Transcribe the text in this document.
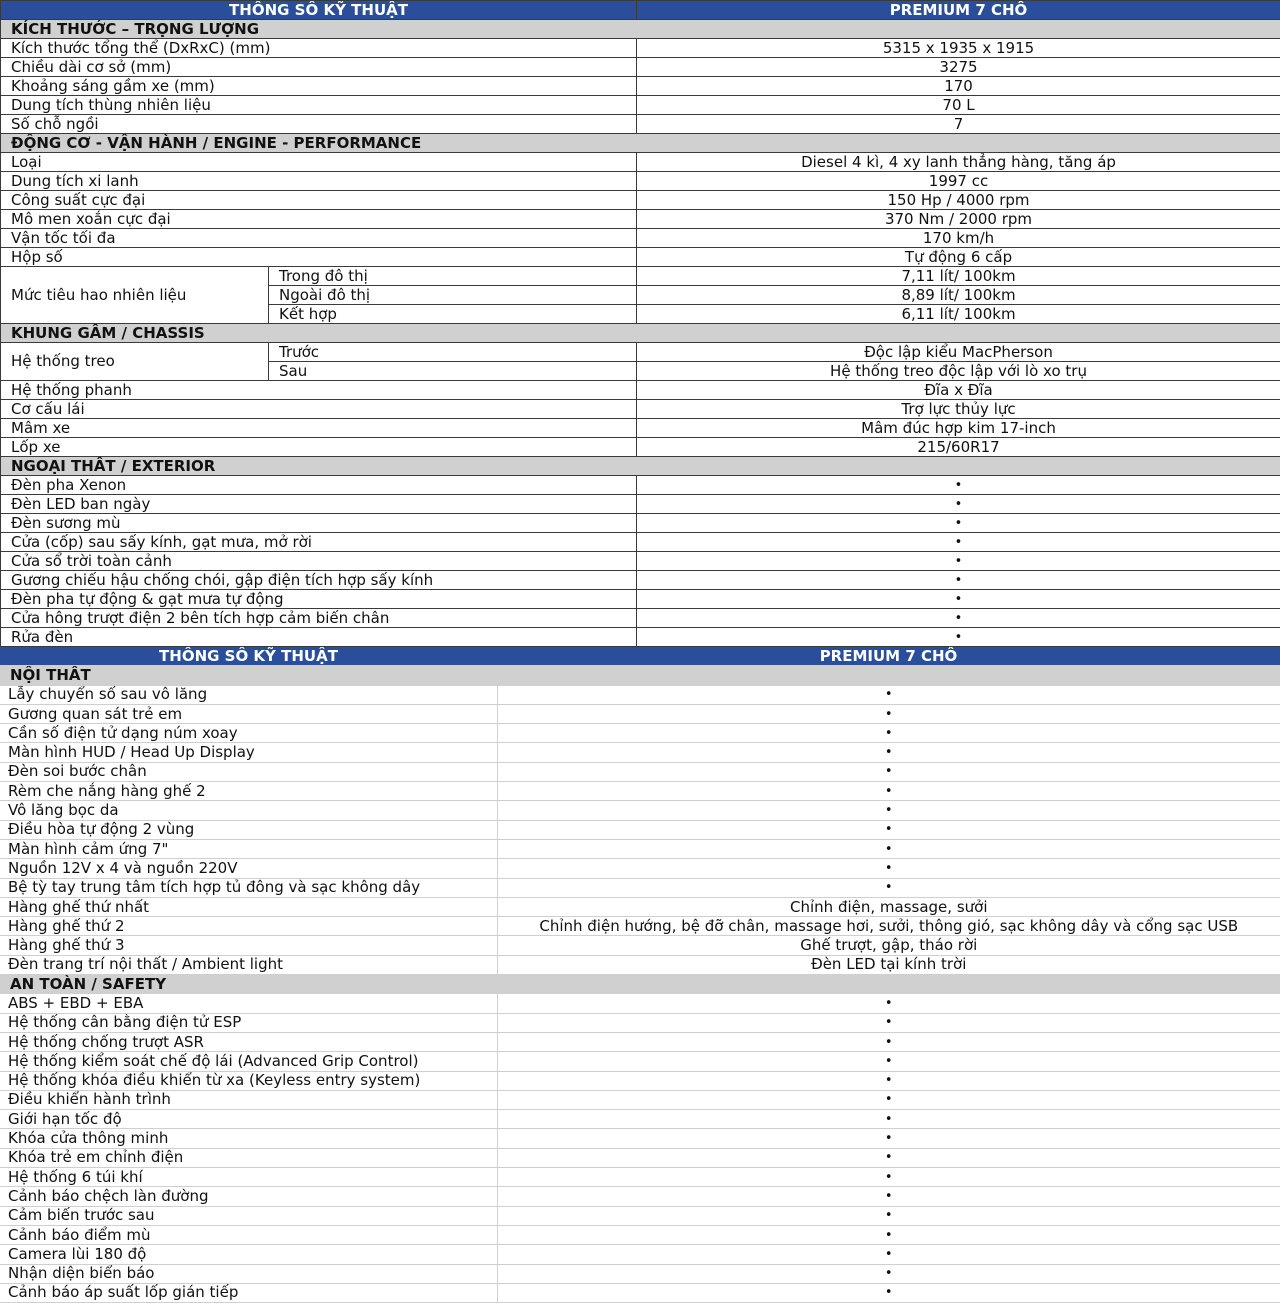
THÔNG SỐ KỸ THUẬT		PREMIUM 7 CHỖ
KÍCH THƯỚC – TRỌNG LƯỢNG		
Kích thước tổng thể (DxRxC) (mm)		5315 x 1935 x 1915
Chiều dài cơ sở (mm)		3275
Khoảng sáng gầm xe (mm)		170
Dung tích thùng nhiên liệu		70 L
Số chỗ ngồi		7
ĐỘNG CƠ - VẬN HÀNH / ENGINE - PERFORMANCE		
Loại		Diesel 4 kì, 4 xy lanh thẳng hàng, tăng áp
Dung tích xi lanh		1997 cc
Công suất cực đại		150 Hp / 4000 rpm
Mô men xoắn cực đại		370 Nm / 2000 rpm
Vận tốc tối đa		170 km/h
Hộp số		Tự động 6 cấp
Mức tiêu hao nhiên liệu	Trong đô thị	7,11 lít/ 100km
	Ngoài đô thị	8,89 lít/ 100km
	Kết hợp	6,11 lít/ 100km
KHUNG GẦM / CHASSIS		
Hệ thống treo	Trước	Độc lập kiểu MacPherson
	Sau	Hệ thống treo độc lập với lò xo trụ
Hệ thống phanh		Đĩa x Đĩa
Cơ cấu lái		Trợ lực thủy lực
Mâm xe		Mâm đúc hợp kim 17-inch
Lốp xe		215/60R17
NGOẠI THẤT / EXTERIOR		
Đèn pha Xenon		•
Đèn LED ban ngày		•
Đèn sương mù		•
Cửa (cốp) sau sấy kính, gạt mưa, mở rời		•
Cửa sổ trời toàn cảnh		•
Gương chiếu hậu chống chói, gập điện tích hợp sấy kính		•
Đèn pha tự động & gạt mưa tự động		•
Cửa hông trượt điện 2 bên tích hợp cảm biến chân		•
Rửa đèn		•
THÔNG SỐ KỸ THUẬT	PREMIUM 7 CHỖ
NỘI THẤT	
Lẫy chuyển số sau vô lăng	•
Gương quan sát trẻ em	•
Cần số điện tử dạng núm xoay	•
Màn hình HUD / Head Up Display	•
Đèn soi bước chân	•
Rèm che nắng hàng ghế 2	•
Vô lăng bọc da	•
Điều hòa tự động 2 vùng	•
Màn hình cảm ứng 7"	•
Nguồn 12V x 4 và nguồn 220V	•
Bệ tỳ tay trung tâm tích hợp tủ đông và sạc không dây	•
Hàng ghế thứ nhất	Chỉnh điện, massage, sưởi
Hàng ghế thứ 2	Chỉnh điện hướng, bệ đỡ chân, massage hơi, sưởi, thông gió, sạc không dây và cổng sạc USB
Hàng ghế thứ 3	Ghế trượt, gập, tháo rời
Đèn trang trí nội thất / Ambient light	Đèn LED tại kính trời
AN TOÀN / SAFETY	
ABS + EBD + EBA	•
Hệ thống cân bằng điện tử ESP	•
Hệ thống chống trượt ASR	•
Hệ thống kiểm soát chế độ lái (Advanced Grip Control)	•
Hệ thống khóa điều khiển từ xa (Keyless entry system)	•
Điều khiển hành trình	•
Giới hạn tốc độ	•
Khóa cửa thông minh	•
Khóa trẻ em chỉnh điện	•
Hệ thống 6 túi khí	•
Cảnh báo chệch làn đường	•
Cảm biến trước sau	•
Cảnh báo điểm mù	•
Camera lùi 180 độ	•
Nhận diện biển báo	•
Cảnh báo áp suất lốp gián tiếp	•
